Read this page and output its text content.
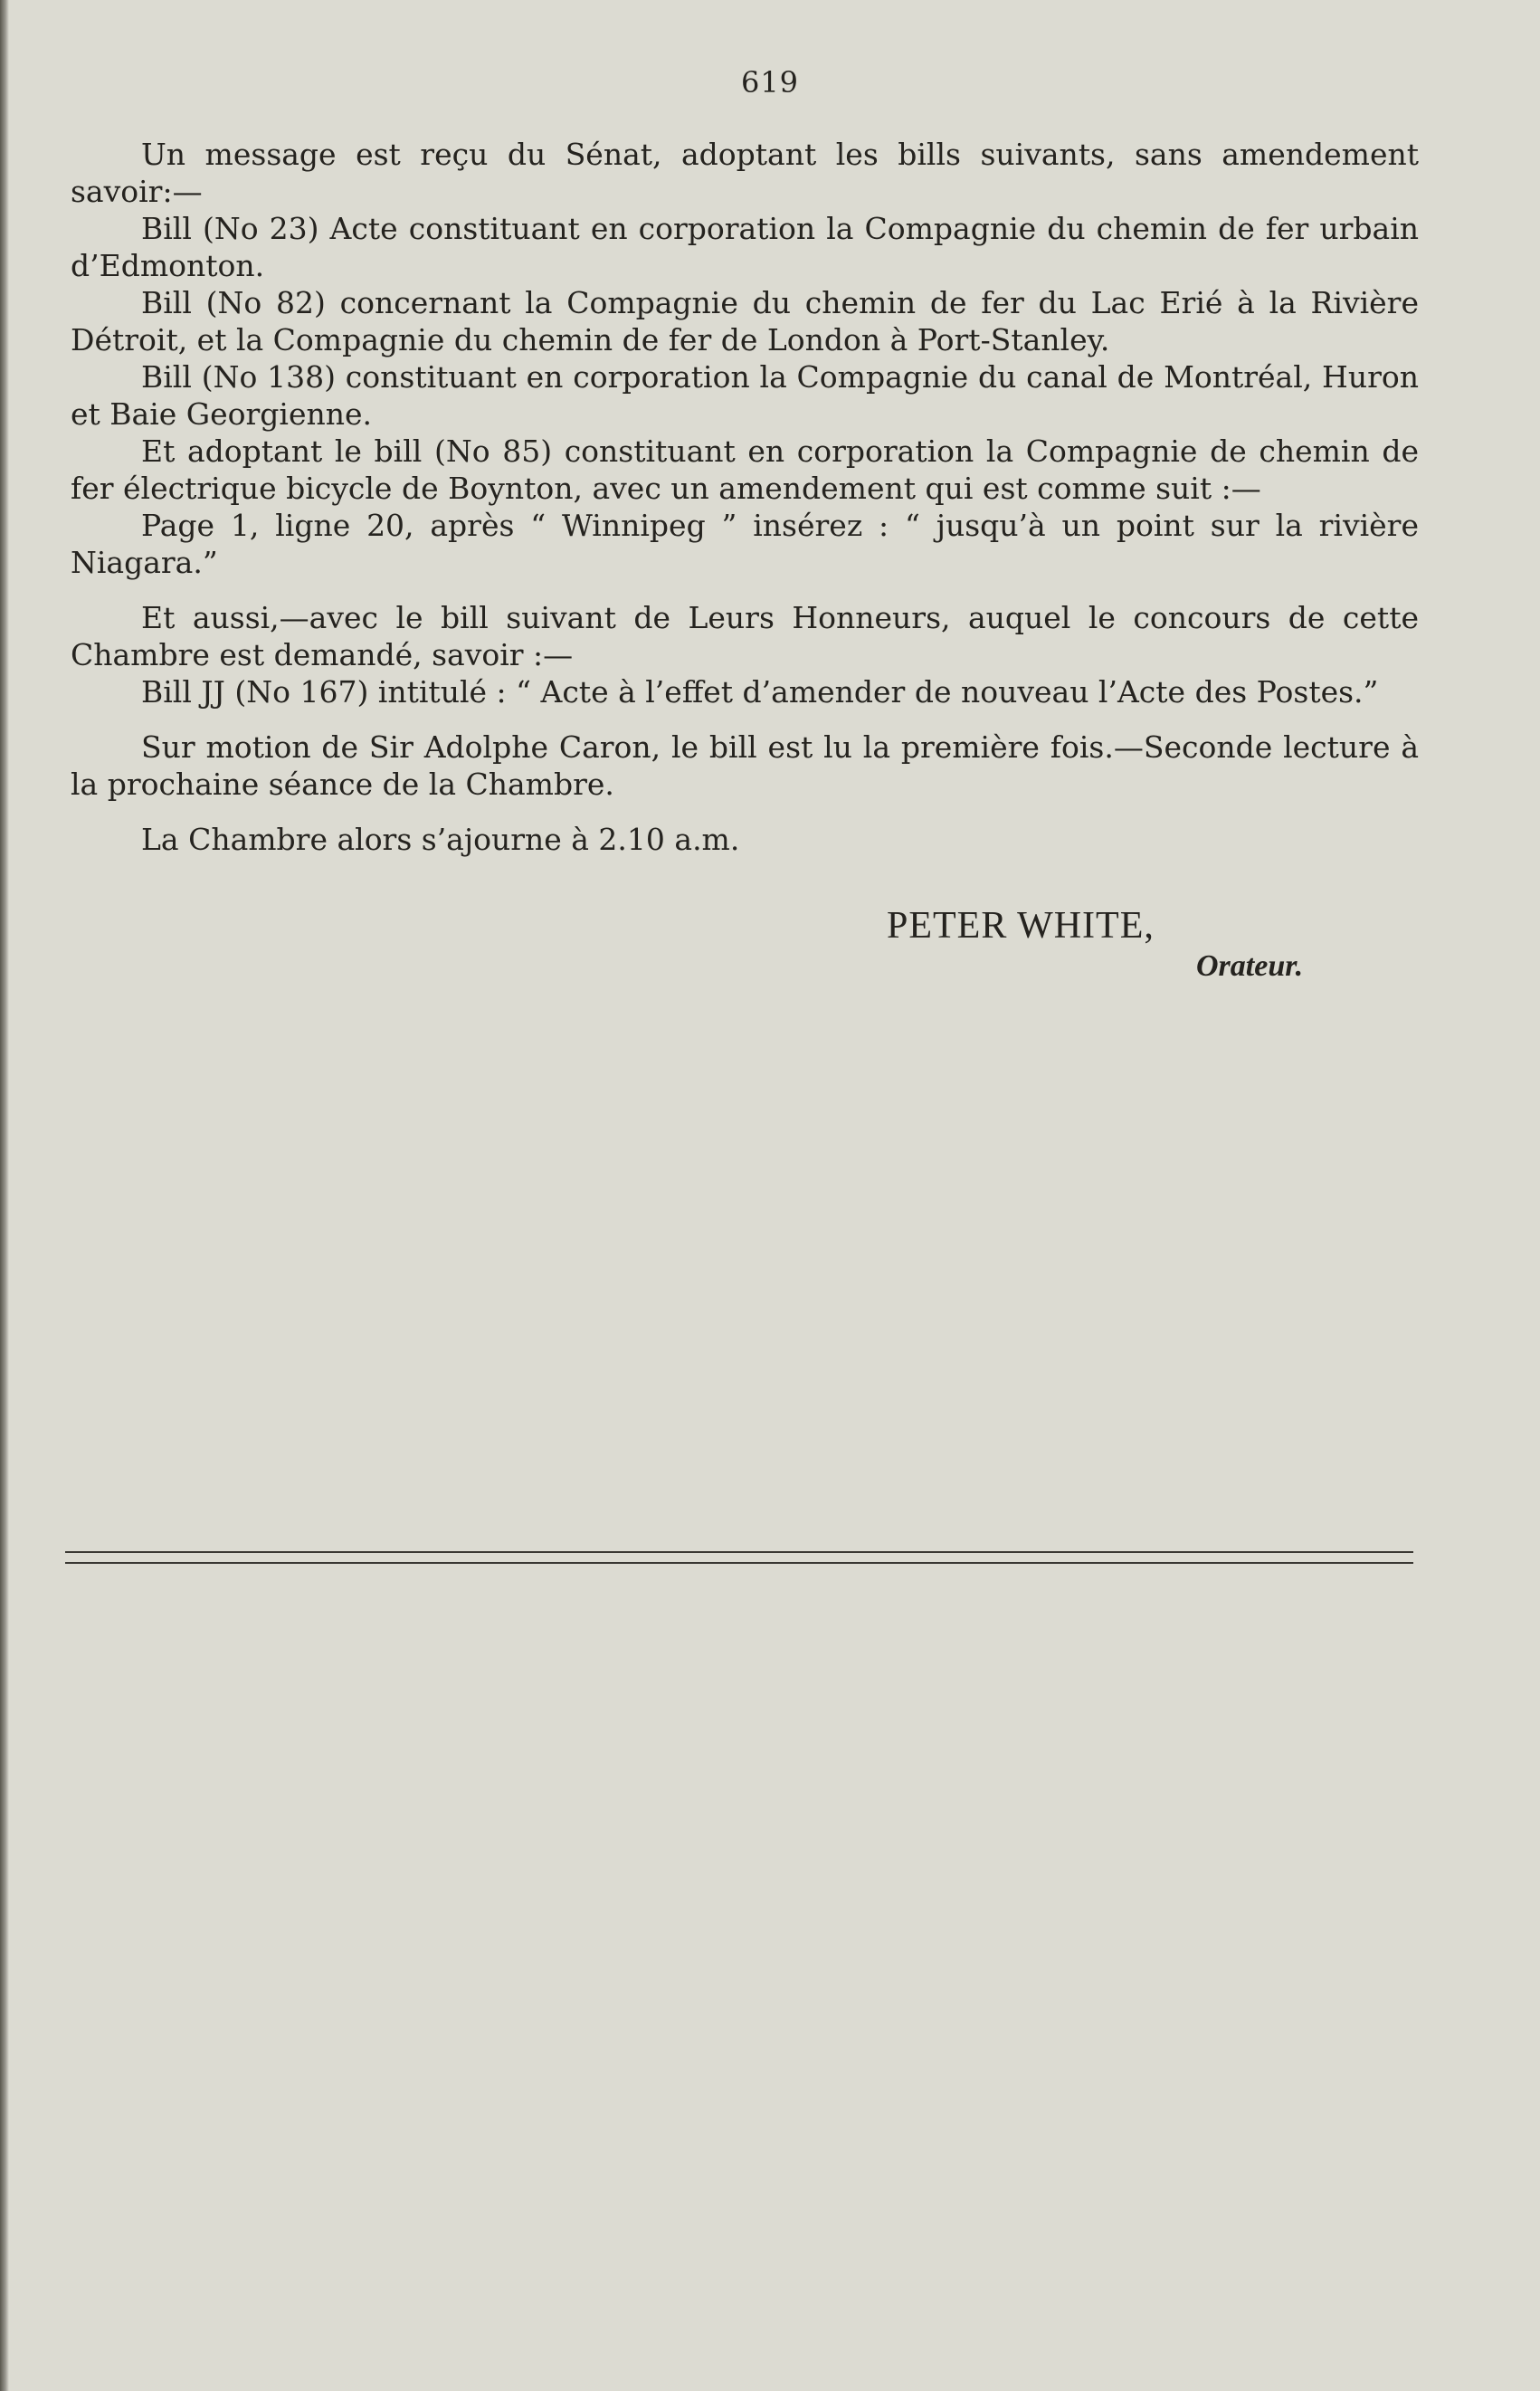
619

Un message est reçu du Sénat, adoptant les bills suivants, sans amendement savoir:—

Bill (No 23) Acte constituant en corporation la Compagnie du chemin de fer urbain d’Edmonton.

Bill (No 82) concernant la Compagnie du chemin de fer du Lac Erié à la Rivière Détroit, et la Compagnie du chemin de fer de London à Port-Stanley.

Bill (No 138) constituant en corporation la Compagnie du canal de Montréal, Huron et Baie Georgienne.

Et adoptant le bill (No 85) constituant en corporation la Compagnie de chemin de fer électrique bicycle de Boynton, avec un amendement qui est comme suit :—

Page 1, ligne 20, après “ Winnipeg ” insérez : “ jusqu’à un point sur la rivière Niagara.”

Et aussi,—avec le bill suivant de Leurs Honneurs, auquel le concours de cette Chambre est demandé, savoir :—

Bill JJ (No 167) intitulé : “ Acte à l’effet d’amender de nouveau l’Acte des Postes.”

Sur motion de Sir Adolphe Caron, le bill est lu la première fois.—Seconde lecture à la prochaine séance de la Chambre.

La Chambre alors s’ajourne à 2.10 a.m.

PETER WHITE,
Orateur.
